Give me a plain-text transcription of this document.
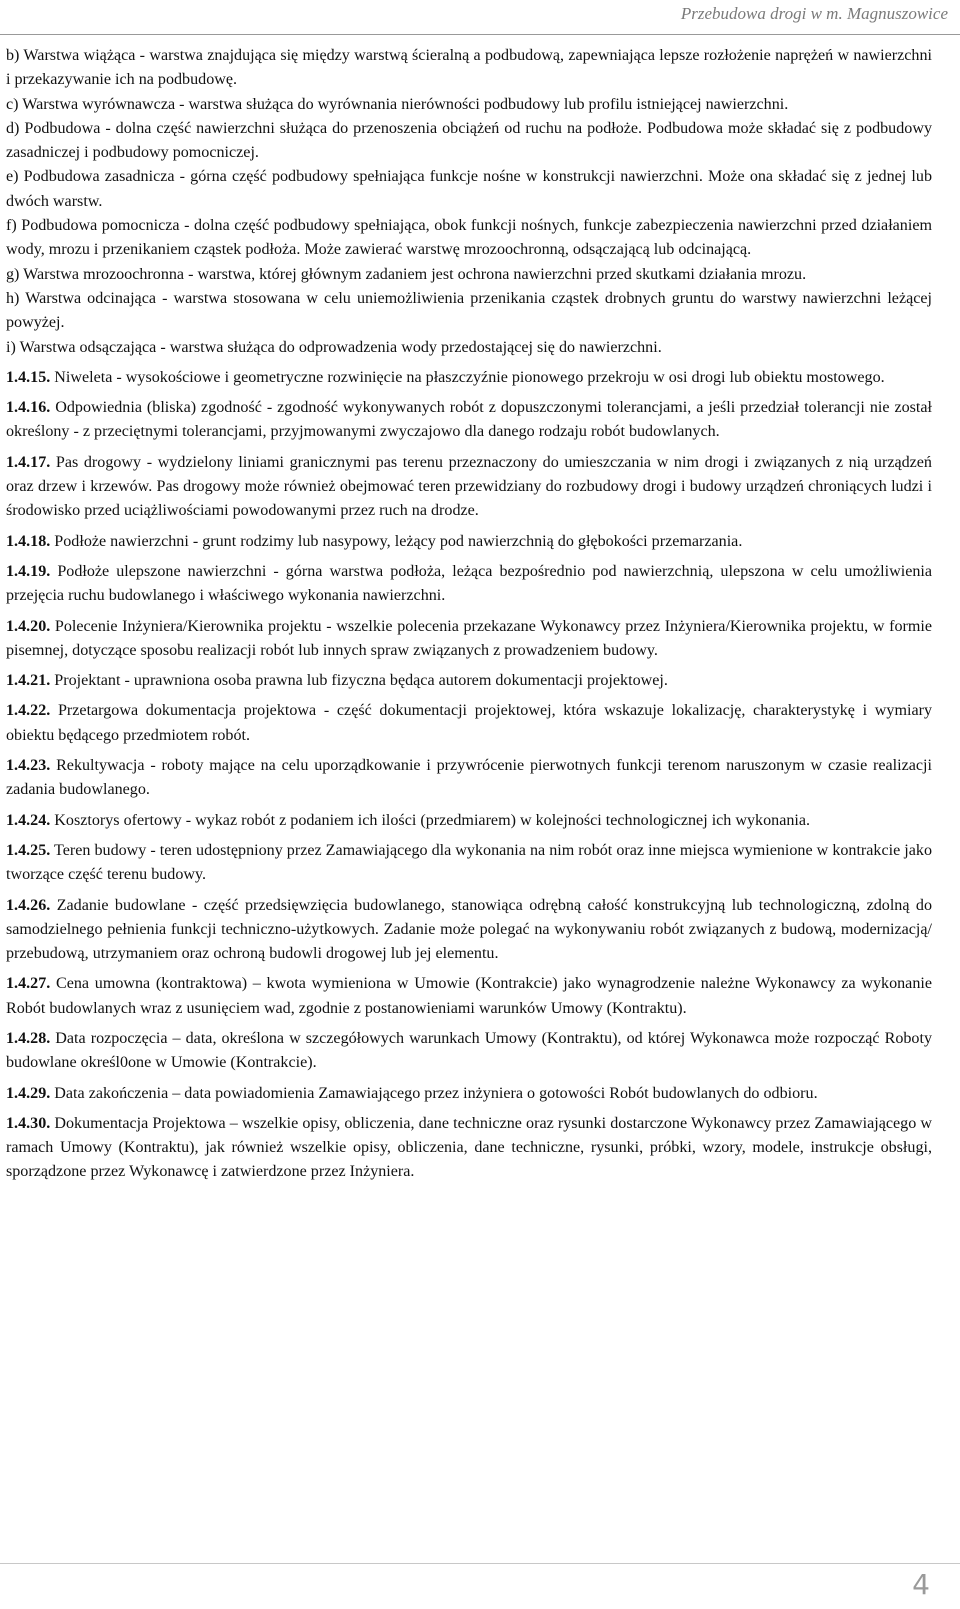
Przebudowa drogi w m. Magnuszowice

b) Warstwa wiążąca - warstwa znajdująca się między warstwą ścieralną a podbudową, zapewniająca lepsze rozłożenie naprężeń w nawierzchni i przekazywanie ich na podbudowę.

c) Warstwa wyrównawcza - warstwa służąca do wyrównania nierówności podbudowy lub profilu istniejącej nawierzchni.

d) Podbudowa - dolna część nawierzchni służąca do przenoszenia obciążeń od ruchu na podłoże. Podbudowa może składać się z podbudowy zasadniczej i podbudowy pomocniczej.

e) Podbudowa zasadnicza - górna część podbudowy spełniająca funkcje nośne w konstrukcji nawierzchni. Może ona składać się z jednej lub dwóch warstw.

f) Podbudowa pomocnicza - dolna część podbudowy spełniająca, obok funkcji nośnych, funkcje zabezpieczenia nawierzchni przed działaniem wody, mrozu i przenikaniem cząstek podłoża. Może zawierać warstwę mrozoochronną, odsączającą lub odcinającą.

g) Warstwa mrozoochronna - warstwa, której głównym zadaniem jest ochrona nawierzchni przed skutkami działania mrozu.

h) Warstwa odcinająca - warstwa stosowana w celu uniemożliwienia przenikania cząstek drobnych gruntu do warstwy nawierzchni leżącej powyżej.

i) Warstwa odsączająca - warstwa służąca do odprowadzenia wody przedostającej się do nawierzchni.

1.4.15. Niweleta - wysokościowe i geometryczne rozwinięcie na płaszczyźnie pionowego przekroju w osi drogi lub obiektu mostowego.

1.4.16. Odpowiednia (bliska) zgodność - zgodność wykonywanych robót z dopuszczonymi tolerancjami, a jeśli przedział tolerancji nie został określony - z przeciętnymi tolerancjami, przyjmowanymi zwyczajowo dla danego rodzaju robót budowlanych.

1.4.17. Pas drogowy - wydzielony liniami granicznymi pas terenu przeznaczony do umieszczania w nim drogi i związanych z nią urządzeń oraz drzew i krzewów. Pas drogowy może również obejmować teren przewidziany do rozbudowy drogi i budowy urządzeń chroniących ludzi i środowisko przed uciążliwościami powodowanymi przez ruch na drodze.

1.4.18. Podłoże nawierzchni - grunt rodzimy lub nasypowy, leżący pod nawierzchnią do głębokości przemarzania.

1.4.19. Podłoże ulepszone nawierzchni - górna warstwa podłoża, leżąca bezpośrednio pod nawierzchnią, ulepszona w celu umożliwienia przejęcia ruchu budowlanego i właściwego wykonania nawierzchni.

1.4.20. Polecenie Inżyniera/Kierownika projektu - wszelkie polecenia przekazane Wykonawcy przez Inżyniera/Kierownika projektu, w formie pisemnej, dotyczące sposobu realizacji robót lub innych spraw związanych z prowadzeniem budowy.

1.4.21. Projektant - uprawniona osoba prawna lub fizyczna będąca autorem dokumentacji projektowej.

1.4.22. Przetargowa dokumentacja projektowa - część dokumentacji projektowej, która wskazuje lokalizację, charakterystykę i wymiary obiektu będącego przedmiotem robót.

1.4.23. Rekultywacja - roboty mające na celu uporządkowanie i przywrócenie pierwotnych funkcji terenom naruszonym w czasie realizacji zadania budowlanego.

1.4.24. Kosztorys ofertowy - wykaz robót z podaniem ich ilości (przedmiarem) w kolejności technologicznej ich wykonania.

1.4.25. Teren budowy - teren udostępniony przez Zamawiającego dla wykonania na nim robót oraz inne miejsca wymienione w kontrakcie jako tworzące część terenu budowy.

1.4.26. Zadanie budowlane - część przedsięwzięcia budowlanego, stanowiąca odrębną całość konstrukcyjną lub technologiczną, zdolną do samodzielnego pełnienia funkcji techniczno-użytkowych. Zadanie może polegać na wykonywaniu robót związanych z budową, modernizacją/ przebudową, utrzymaniem oraz ochroną budowli drogowej lub jej elementu.

1.4.27. Cena umowna (kontraktowa) – kwota wymieniona w Umowie (Kontrakcie) jako wynagrodzenie należne Wykonawcy za wykonanie Robót budowlanych wraz z usunięciem wad, zgodnie z postanowieniami warunków Umowy (Kontraktu).

1.4.28. Data rozpoczęcia – data, określona w szczegółowych warunkach Umowy (Kontraktu), od której Wykonawca może rozpocząć Roboty budowlane określ0one w Umowie (Kontrakcie).

1.4.29. Data zakończenia – data powiadomienia Zamawiającego przez inżyniera o gotowości Robót budowlanych do odbioru.

1.4.30. Dokumentacja Projektowa – wszelkie opisy, obliczenia, dane techniczne oraz rysunki dostarczone Wykonawcy przez Zamawiającego w ramach Umowy (Kontraktu), jak również wszelkie opisy, obliczenia, dane techniczne, rysunki, próbki, wzory, modele, instrukcje obsługi, sporządzone przez Wykonawcę i zatwierdzone przez Inżyniera.

4
